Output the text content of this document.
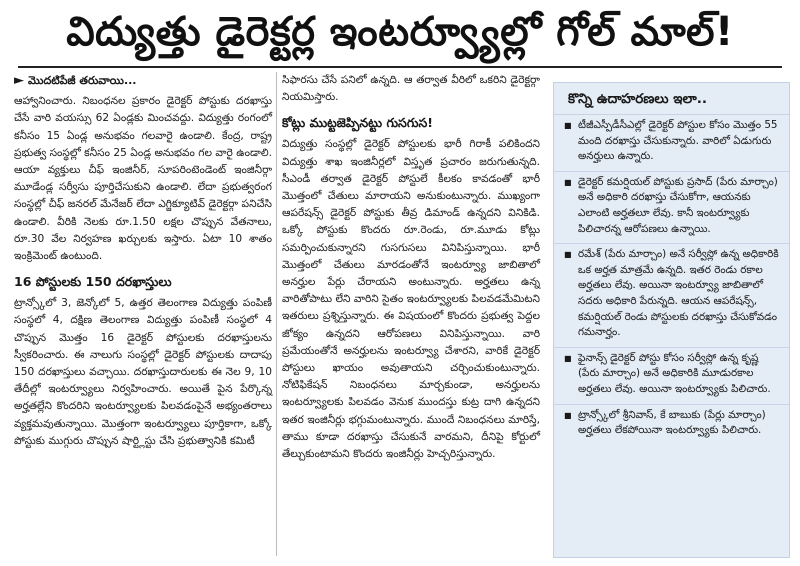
విద్యుత్తు డైరెక్టర్ల ఇంటర్వ్యూల్లో గోల్ మాల్!
► మొదటిపేజీ తరువాయి...

ఆహ్వానించారు. నిబంధనల ప్రకారం డైరెక్టర్ పోస్టుకు దరఖాస్తు చేసే వారి వయస్సు 62 ఏండ్లకు మించవద్దు. విద్యుత్తు రంగంలో కనీసం 15 ఏండ్ల అనుభవం గలవారై ఉండాలి. కేంద్ర, రాష్ట్ర ప్రభుత్వ సంస్థల్లో కనీసం 25 ఏండ్ల అనుభవం గల వారై ఉండాలి. ఆయా వ్యక్తులు చీఫ్ ఇంజినీర్, సూపరింటెండెంట్ ఇంజినీర్గా మూడేండ్ల సర్వీసు పూర్తిచేసుకుని ఉండాలి. లేదా ప్రభుత్వరంగ సంస్థల్లో చీఫ్ జనరల్ మేనేజర్ లేదా ఎగ్జిక్యూటివ్ డైరెక్టర్గా పనిచేసి ఉండాలి. వీరికి నెలకు రూ.1.50 లక్షల చొప్పున వేతనాలు, రూ.30 వేల నిర్వహణ ఖర్చులకు ఇస్తారు. ఏటా 10 శాతం ఇంక్రిమెంట్ ఉంటుంది.

16 పోస్టులకు 150 దరఖాస్తులు

ట్రాన్స్కోలో 3, జెన్కోలో 5, ఉత్తర తెలంగాణ విద్యుత్తు పంపిణీ సంస్థలో 4, దక్షిణ తెలంగాణ విద్యుత్తు పంపిణీ సంస్థలో 4 చొప్పున మొత్తం 16 డైరెక్టర్ పోస్టులకు దరఖాస్తులను స్వీకరించారు. ఈ నాలుగు సంస్థల్లో డైరెక్టర్ పోస్టులకు దాదాపు 150 దరఖాస్తులు వచ్చాయి. దరఖాస్తుదారులకు ఈ నెల 9, 10 తేదీల్లో ఇంటర్వ్యూలు నిర్వహించారు. అయితే పైన పేర్కొన్న అర్హతల్లేని కొందరిని ఇంటర్వ్యూలకు పిలవడంపైనే అభ్యంతరాలు వ్యక్తమవుతున్నాయి. మొత్తంగా ఇంటర్వ్యూలు పూర్తికాగా, ఒక్కో పోస్టుకు ముగ్గురు చొప్పున షార్ట్లిస్టు చేసి ప్రభుత్వానికి కమిటీ

సిఫారసు చేసే పనిలో ఉన్నది. ఆ తర్వాత వీరిలో ఒకరిని డైరెక్టర్గా నియమిస్తారు.

కోట్లు ముట్టజెప్పినట్టు గుసగుస!

విద్యుత్తు సంస్థల్లో డైరెక్టర్ పోస్టులకు భారీ గిరాకీ పలికిందని విద్యుత్తు శాఖ ఇంజినీర్లలో విస్తృత ప్రచారం జరుగుతున్నది. సీఎండీ తర్వాత డైరెక్టర్ పోస్టులే కీలకం కావడంతో భారీ మొత్తంలో చేతులు మారాయని అనుకుంటున్నారు. ముఖ్యంగా ఆపరేషన్స్ డైరెక్టర్ పోస్టుకు తీవ్ర డిమాండ్ ఉన్నదని వినికిడి. ఒక్కో పోస్టుకు కొందరు రూ.రెండు, రూ.మూడు కోట్లు సమర్పించుకున్నారని గుసగుసలు వినిపిస్తున్నాయి. భారీ మొత్తంలో చేతులు మారడంతోనే ఇంటర్వ్యూ జాబితాలో అనర్హుల పేర్లు చేరాయని అంటున్నారు. అర్హతలు ఉన్న వారితోపాటు లేని వారిని సైతం ఇంటర్వ్యూలకు పిలవడమేమిటని ఇతరులు ప్రశ్నిస్తున్నారు. ఈ విషయంలో కొందరు ప్రభుత్వ పెద్దల జోక్యం ఉన్నదని ఆరోపణలు వినిపిస్తున్నాయి. వారి ప్రమేయంతోనే అనర్హులను ఇంటర్వ్యూ చేశారని, వారికే డైరెక్టర్ పోస్టులు ఖాయం అవుతాయని చర్చించుకుంటున్నారు. నోటిఫికేషన్ నిబంధనలు మార్చకుండా, అనర్హులను ఇంటర్వ్యూలకు పిలవడం వెనుక ముందస్తు కుట్ర దాగి ఉన్నదని ఇతర ఇంజినీర్లు భగ్గుమంటున్నారు. ముందే నిబంధనలు మారిస్తే, తాము కూడా దరఖాస్తు చేసుకునే వారమని, దీనిపై కోర్టులో తేల్చుకుంటామని కొందరు ఇంజినీర్లు హెచ్చరిస్తున్నారు.

కొన్ని ఉదాహరణలు ఇలా..
■ టీజీఎస్పీడీసీఎల్లో డైరెక్టర్ పోస్టుల కోసం మొత్తం 55 మంది దరఖాస్తు చేసుకున్నారు. వారిలో ఏడుగురు అనర్హులు ఉన్నారు.
■ డైరెక్టర్ కమర్షియల్ పోస్టుకు ప్రసాద్ (పేరు మార్చాం) అనే అధికారి దరఖాస్తు చేసుకోగా, ఆయనకు ఎలాంటి అర్హతలూ లేవు. కానీ ఇంటర్వ్యూకు పిలిచారన్న ఆరోపణలు ఉన్నాయి.
■ రమేశ్ (పేరు మార్చాం) అనే సర్వీస్లో ఉన్న అధికారికి ఒక అర్హత మాత్రమే ఉన్నది. ఇతర రెండు రకాల అర్హతలు లేవు. అయినా ఇంటర్వ్యూ జాబితాలో సదరు అధికారి పేరున్నది. ఆయన ఆపరేషన్స్, కమర్షియల్ రెండు పోస్టులకు దరఖాస్తు చేసుకోవడం గమనార్హం.
■ ఫైనాన్స్ డైరెక్టర్ పోస్టు కోసం సర్వీస్లో ఉన్న కృష్ణ (పేరు మార్చాం) అనే అధికారికి మూడురకాల అర్హతలు లేవు. అయినా ఇంటర్వ్యూకు పిలిచారు.
■ ట్రాన్స్కోలో శ్రీనివాస్, కే బాబుకు (పేర్లు మార్చాం) అర్హతలు లేకపోయినా ఇంటర్వ్యూకు పిలిచారు.
